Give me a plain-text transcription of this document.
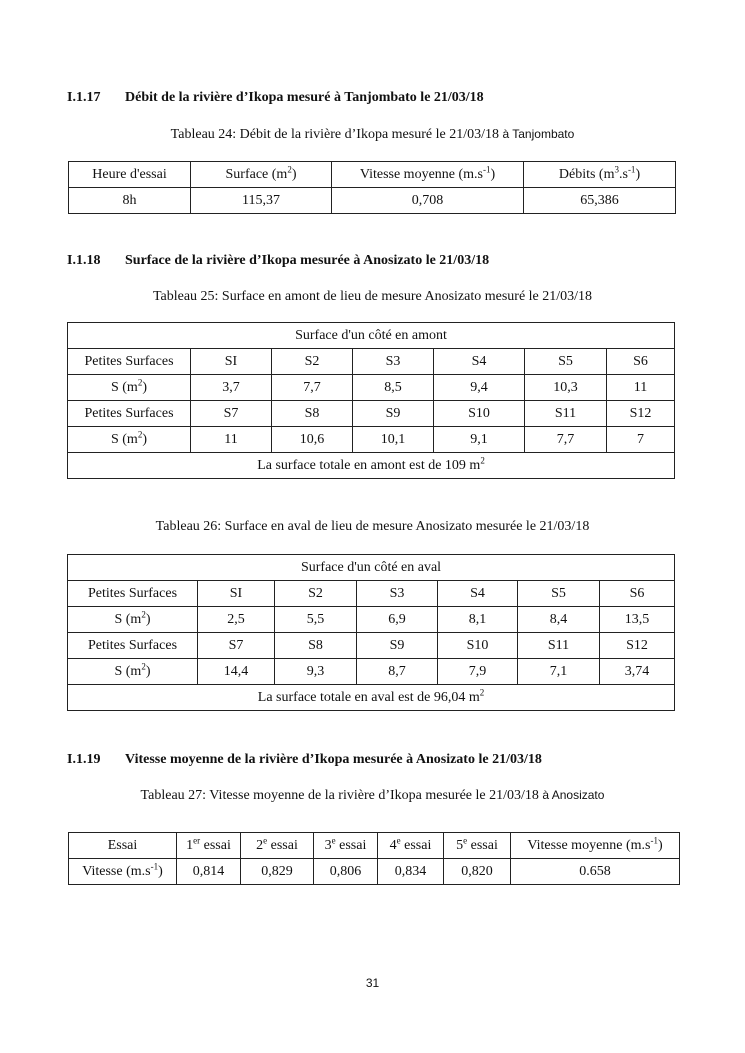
I.1.17 Débit de la rivière d’Ikopa mesuré à Tanjombato le 21/03/18
Tableau 24: Débit de la rivière d’Ikopa mesuré le 21/03/18 à Tanjombato
Heure d'essai	Surface $(m^2)$	Vitesse moyenne $(m.s^{-1})$	Débits $(m^3.s^{-1})$
8h	115,37	0,708	65,386
I.1.18 Surface de la rivière d’Ikopa mesurée à Anosizato le 21/03/18
Tableau 25: Surface en amont de lieu de mesure Anosizato mesuré le 21/03/18
Surface d'un côté en amont						
Petites Surfaces	SI	S2	S3	S4	S5	S6
S $(m^2)$	3,7	7,7	8,5	9,4	10,3	11
Petites Surfaces	S7	S8	S9	S10	S11	S12
S $(m^2)$	11	10,6	10,1	9,1	7,7	7
La surface totale en amont est de 109 $m^2$
Tableau 26: Surface en aval de lieu de mesure Anosizato mesurée le 21/03/18
Surface d'un côté en aval						
Petites Surfaces	SI	S2	S3	S4	S5	S6
S $(m^2)$	2,5	5,5	6,9	8,1	8,4	13,5
Petites Surfaces	S7	S8	S9	S10	S11	S12
S $(m^2)$	14,4	9,3	8,7	7,9	7,1	3,74
La surface totale en aval est de 96,04 $m^2$
I.1.19 Vitesse moyenne de la rivière d’Ikopa mesurée à Anosizato le 21/03/18
Tableau 27: Vitesse moyenne de la rivière d’Ikopa mesurée le 21/03/18 à Anosizato
Essai	1er essai	2e essai	3e essai	4e essai	5e essai	Vitesse moyenne $(m.s^{-1})$
Vitesse $(m.s^{-1})$	0,814	0,829	0,806	0,834	0,820	0.658
31
